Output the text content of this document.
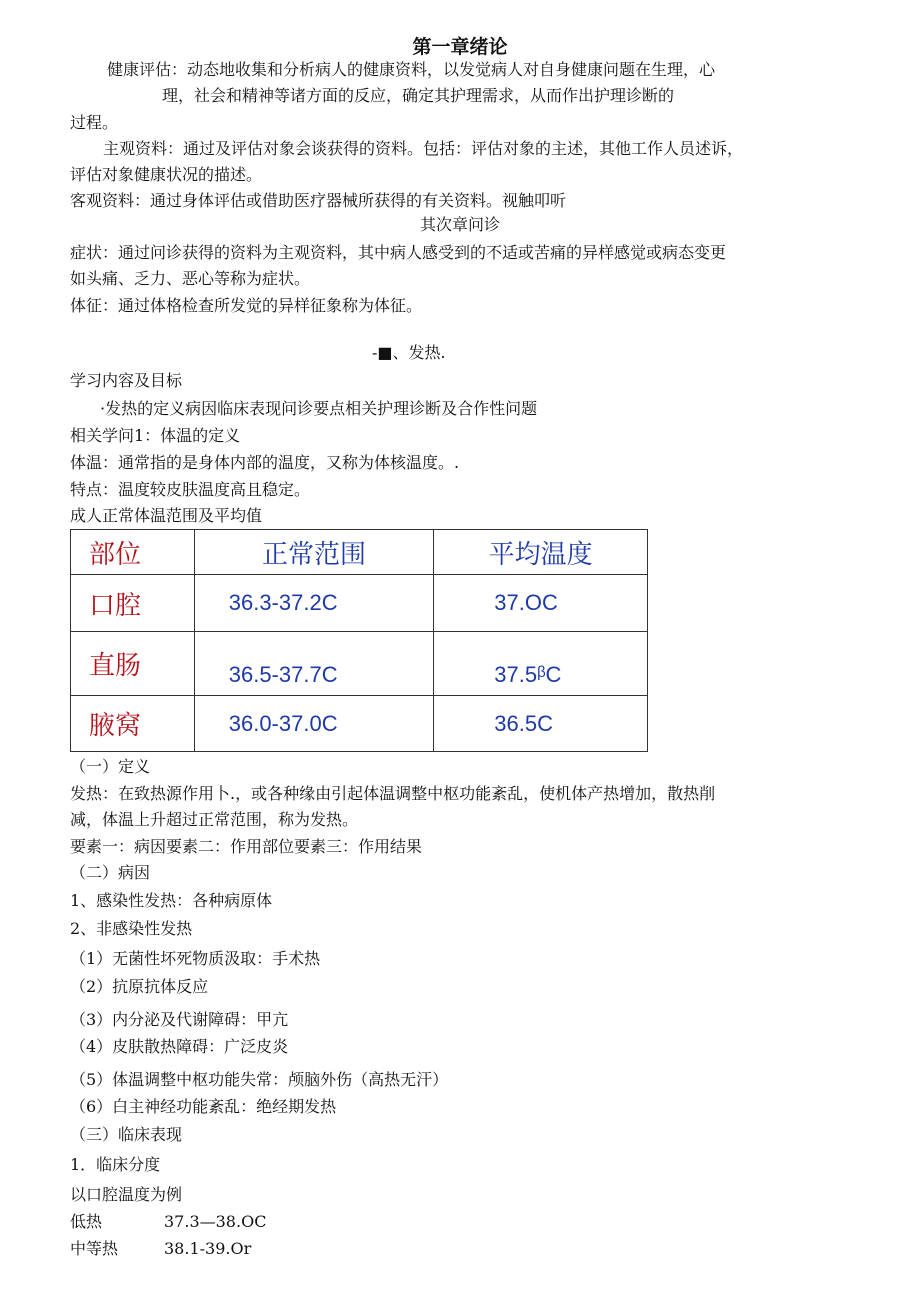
第一章绪论
健康评估：动态地收集和分析病人的健康资料，以发觉病人对自身健康问题在生理，心
理，社会和精神等诸方面的反应，确定其护理需求，从而作出护理诊断的
过程。
主观资料：通过及评估对象会谈获得的资料。包括：评估对象的主述，其他工作人员述诉，
评估对象健康状况的描述。
客观资料：通过身体评估或借助医疗器械所获得的有关资料。视触叩听
其次章问诊
症状：通过问诊获得的资料为主观资料，其中病人感受到的不适或苦痛的异样感觉或病态变更
如头痛、乏力、恶心等称为症状。
体征：通过体格检查所发觉的异样征象称为体征。
-■、发热.
学习内容及目标
·发热的定义病因临床表现问诊要点相关护理诊断及合作性问题
相关学问1：体温的定义
体温：通常指的是身体内部的温度，又称为体核温度。.
特点：温度较皮肤温度高且稳定。
成人正常体温范围及平均值
部位	正常范围	平均温度
口腔	36.3-37.2C	37.OC
直肠	36.5-37.7C	37.5ᵝC
腋窝	36.0-37.0C	36.5C
（一）定义
发热：在致热源作用卜.，或各种缘由引起体温调整中枢功能紊乱，使机体产热增加，散热削
减，体温上升超过正常范围，称为发热。
要素一：病因要素二：作用部位要素三：作用结果
（二）病因
1、感染性发热：各种病原体
2、非感染性发热
（1）无菌性坏死物质汲取：手术热
（2）抗原抗体反应
（3）内分泌及代谢障碍：甲亢
（4）皮肤散热障碍：广泛皮炎
（5）体温调整中枢功能失常：颅脑外伤（高热无汗）
（6）白主神经功能紊乱：绝经期发热
（三）临床表现
1．临床分度
以口腔温度为例
低热	37.3—38.OC
中等热	38.1-39.Or
